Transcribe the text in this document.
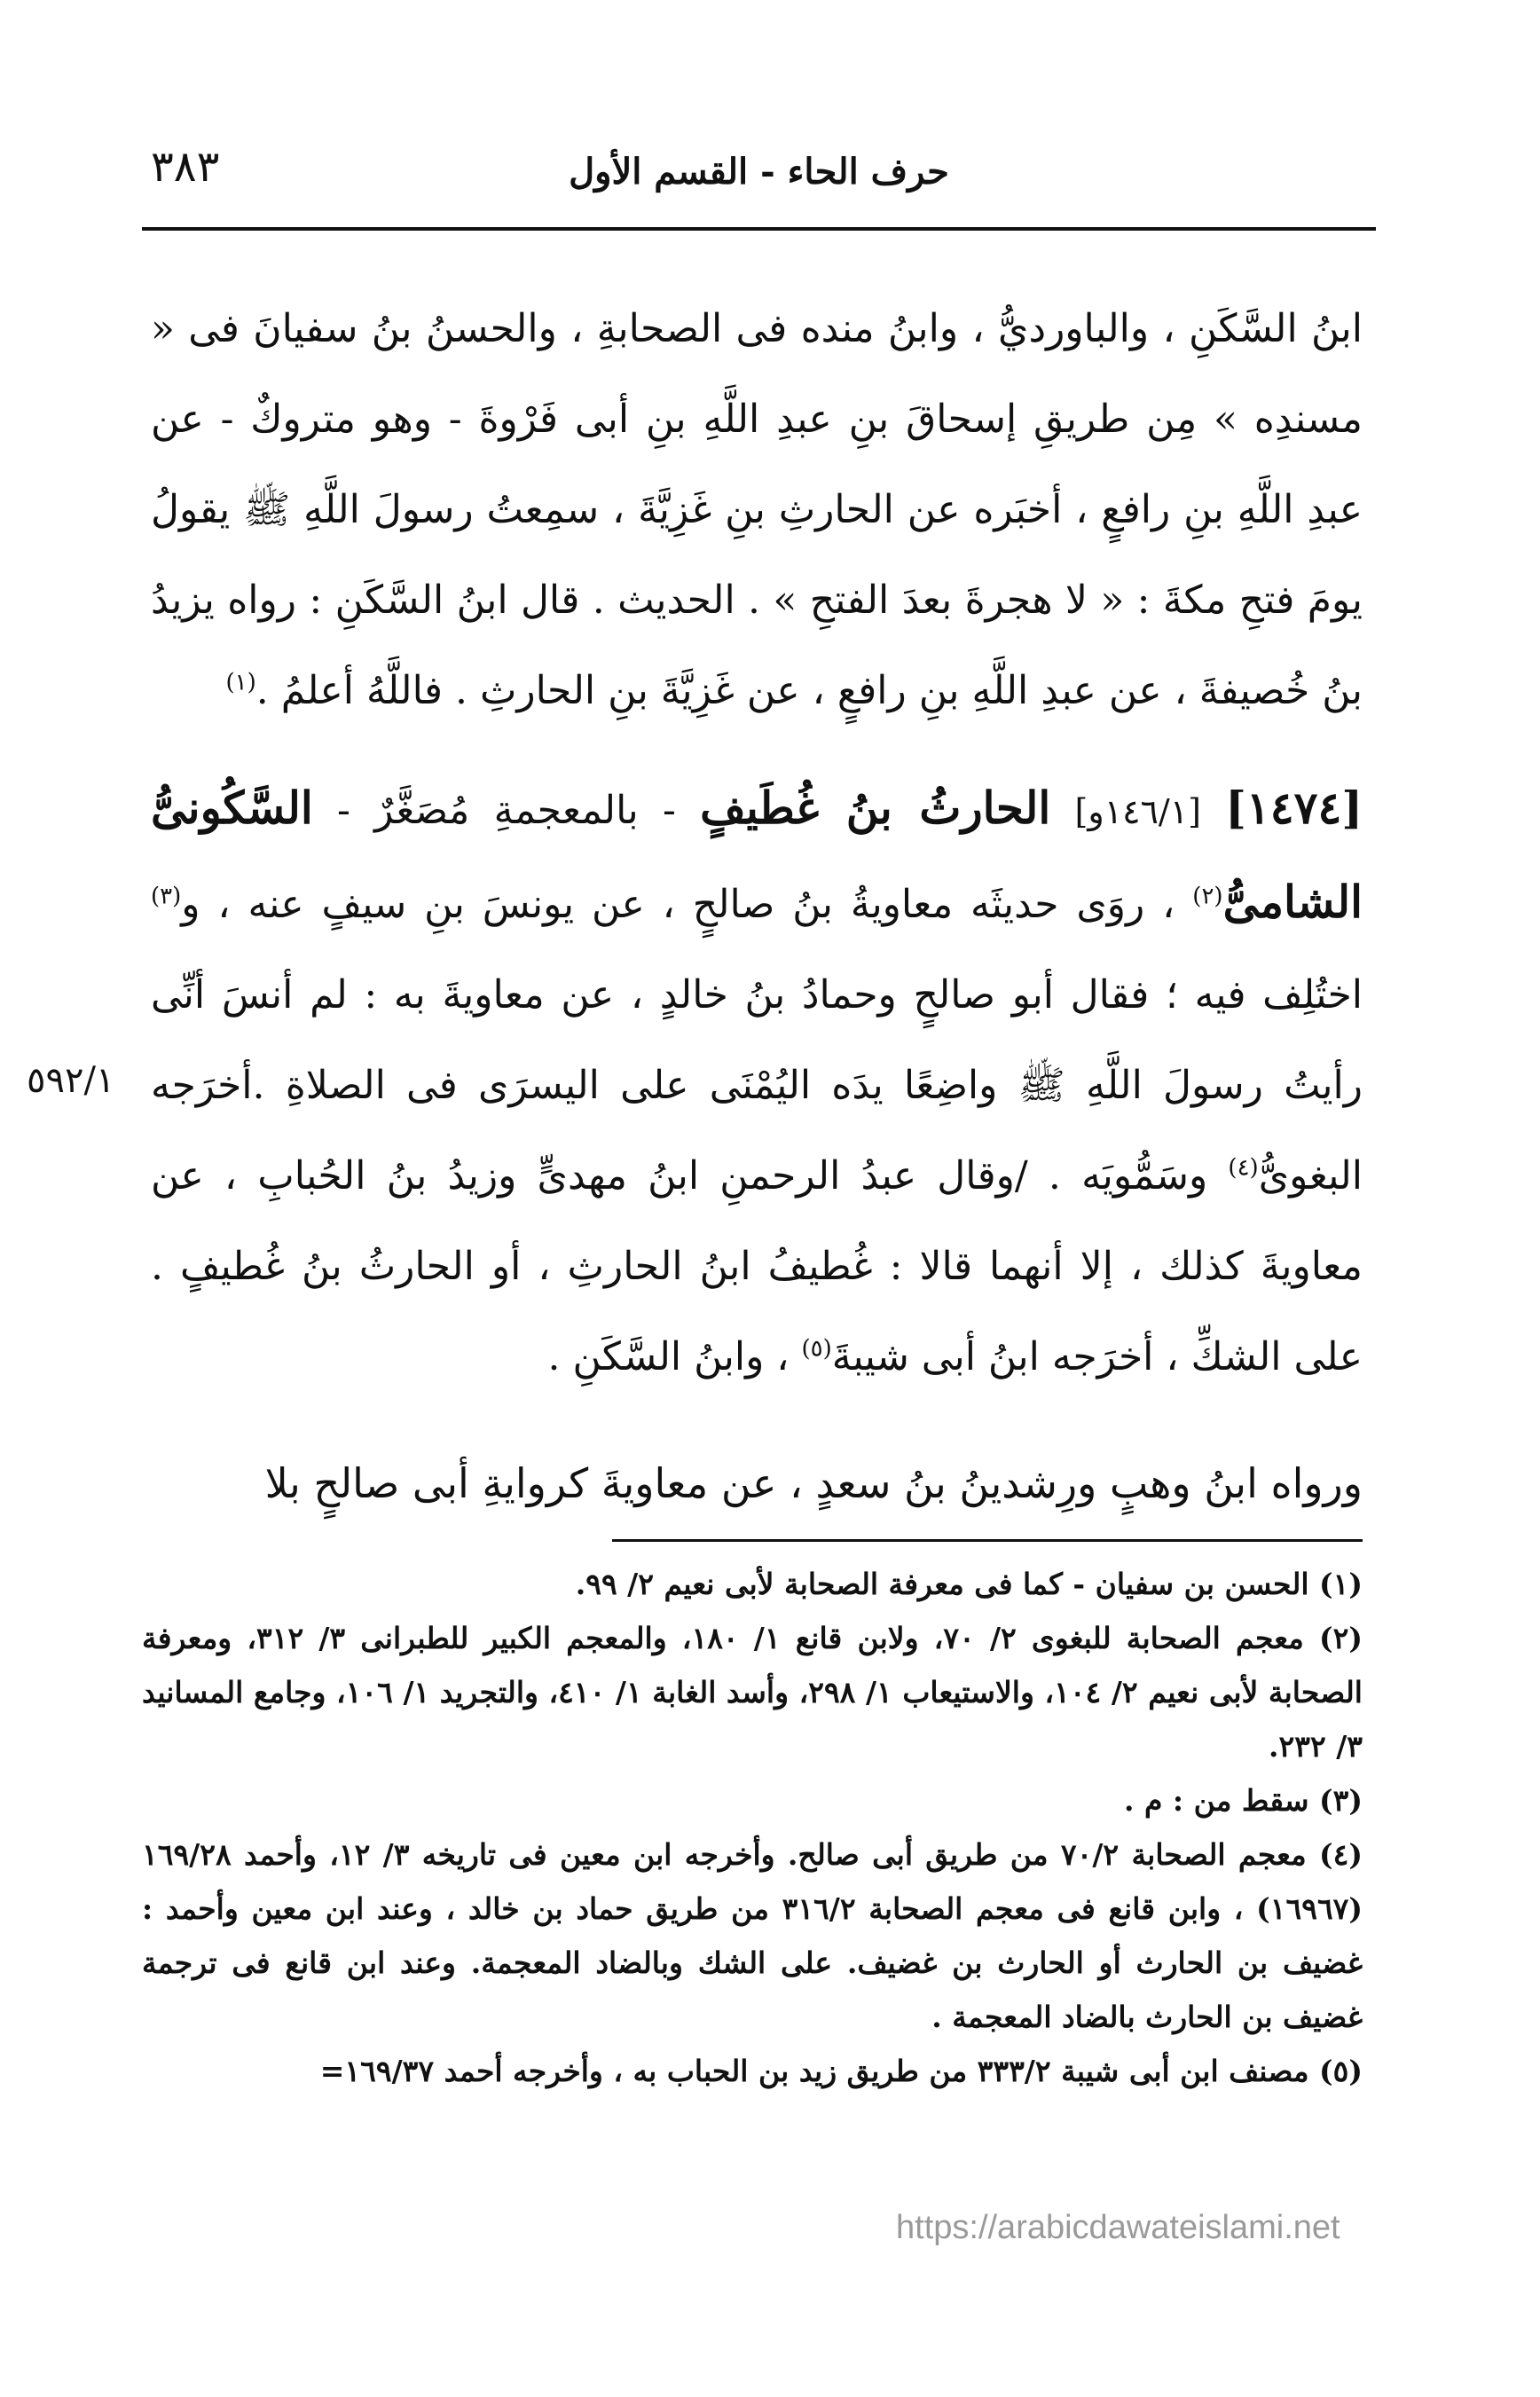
حرف الحاء - القسم الأول
٣٨٣

ابنُ السَّكَنِ ، والباورديُّ ، وابنُ منده فى الصحابةِ ، والحسنُ بنُ سفيانَ فى « مسندِه » مِن طريقِ إسحاقَ بنِ عبدِ اللَّهِ بنِ أبى فَرْوةَ - وهو متروكٌ - عن عبدِ اللَّهِ بنِ رافعٍ ، أخبَره عن الحارثِ بنِ غَزِيَّةَ ، سمِعتُ رسولَ اللَّهِ ﷺ يقولُ يومَ فتحِ مكةَ : « لا هجرةَ بعدَ الفتحِ » . الحديث . قال ابنُ السَّكَنِ : رواه يزيدُ بنُ خُصيفةَ ، عن عبدِ اللَّهِ بنِ رافعٍ ، عن غَزِيَّةَ بنِ الحارثِ . فاللَّهُ أعلمُ .$^{(١)}$

[١٤٧٤] [١٤٦/١و] الحارثُ بنُ غُطَيفٍ - بالمعجمةِ مُصَغَّرٌ - السَّكُونىُّ الشامىُّ$^{(٢)}$ ، روَى حديثَه معاويةُ بنُ صالحٍ ، عن يونسَ بنِ سيفٍ عنه ، و$^{(٣)}$ اختُلِف فيه ؛ فقال أبو صالحٍ وحمادُ بنُ خالدٍ ، عن معاويةَ به : لم أنسَ أنِّى رأيتُ رسولَ اللَّهِ ﷺ واضِعًا يدَه اليُمْنَى على اليسرَى فى الصلاةِ .أخرَجه البغوىُّ$^{(٤)}$ وسَمُّويَه . /وقال عبدُ الرحمنِ ابنُ مهدىٍّ وزيدُ بنُ الحُبابِ ، عن معاويةَ كذلك ، إلا أنهما قالا : غُطيفُ ابنُ الحارثِ ، أو الحارثُ بنُ غُطيفٍ . على الشكِّ ، أخرَجه ابنُ أبى شيبةَ$^{(٥)}$ ، وابنُ السَّكَنِ .

ورواه ابنُ وهبٍ ورِشدينُ بنُ سعدٍ ، عن معاويةَ كروايةِ أبى صالحٍ بلا

٥٩٢/١

(١) الحسن بن سفيان - كما فى معرفة الصحابة لأبى نعيم ٢/ ٩٩.

(٢) معجم الصحابة للبغوى ٢/ ٧٠، ولابن قانع ١/ ١٨٠، والمعجم الكبير للطبرانى ٣/ ٣١٢، ومعرفة الصحابة لأبى نعيم ٢/ ١٠٤، والاستيعاب ١/ ٢٩٨، وأسد الغابة ١/ ٤١٠، والتجريد ١/ ١٠٦، وجامع المسانيد ٣/ ٢٣٢.

(٣) سقط من : م .

(٤) معجم الصحابة ٧٠/٢ من طريق أبى صالح. وأخرجه ابن معين فى تاريخه ٣/ ١٢، وأحمد ١٦٩/٢٨ (١٦٩٦٧) ، وابن قانع فى معجم الصحابة ٣١٦/٢ من طريق حماد بن خالد ، وعند ابن معين وأحمد : غضيف بن الحارث أو الحارث بن غضيف. على الشك وبالضاد المعجمة. وعند ابن قانع فى ترجمة غضيف بن الحارث بالضاد المعجمة .

(٥) مصنف ابن أبى شيبة ٣٣٣/٢ من طريق زيد بن الحباب به ، وأخرجه أحمد ١٦٩/٣٧=

https://arabicdawateislami.net
